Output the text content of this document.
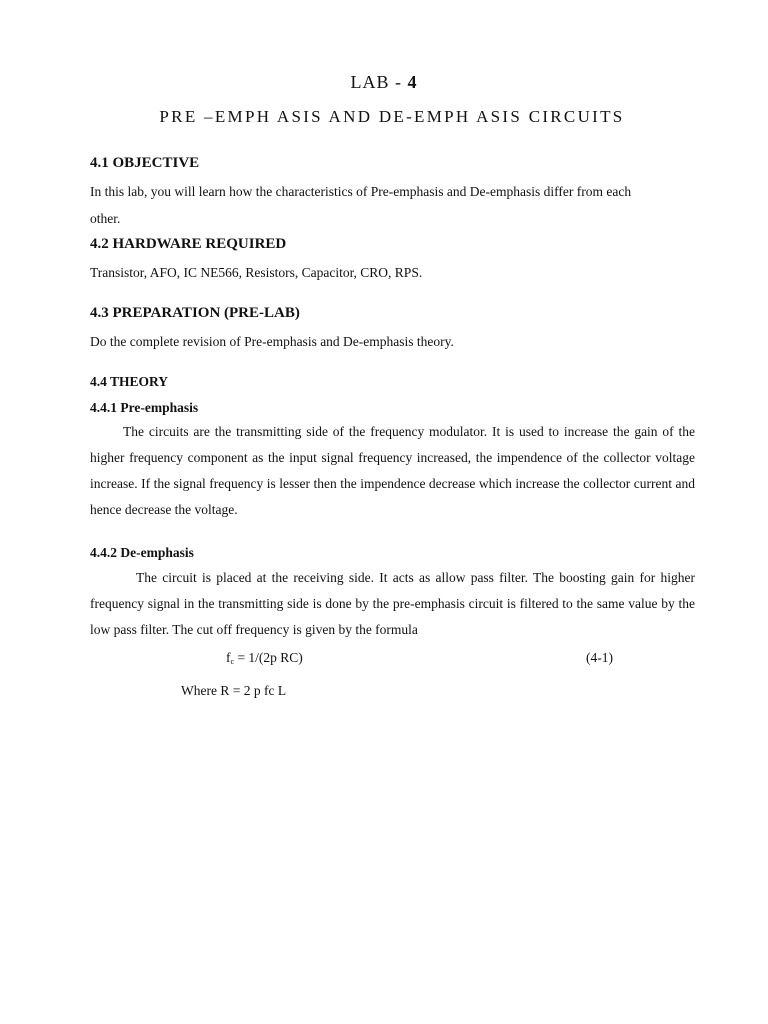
LAB - 4
PRE –EMPH ASIS AND DE-EMPH ASIS CIRCUITS
4.1 OBJECTIVE
In this lab, you will learn how the characteristics of Pre-emphasis and De-emphasis differ from each
other.
4.2 HARDWARE REQUIRED
Transistor, AFO, IC NE566, Resistors, Capacitor, CRO, RPS.
4.3 PREPARATION (PRE-LAB)
Do the complete revision of Pre-emphasis and De-emphasis theory.
4.4 THEORY
4.4.1 Pre-emphasis
The circuits are the transmitting side of the frequency modulator. It is used to increase the gain of the higher frequency component as the input signal frequency increased, the impendence of the collector voltage increase. If the signal frequency is lesser then the impendence decrease which increase the collector current and hence decrease the voltage.
4.4.2 De-emphasis
The circuit is placed at the receiving side. It acts as allow pass filter. The boosting gain for higher frequency signal in the transmitting side is done by the pre-emphasis circuit is filtered to the same value by the low pass filter. The cut off frequency is given by the formula
$f_c = 1/(2p$ RC)	(4-1)
Where R = 2 p fc L
